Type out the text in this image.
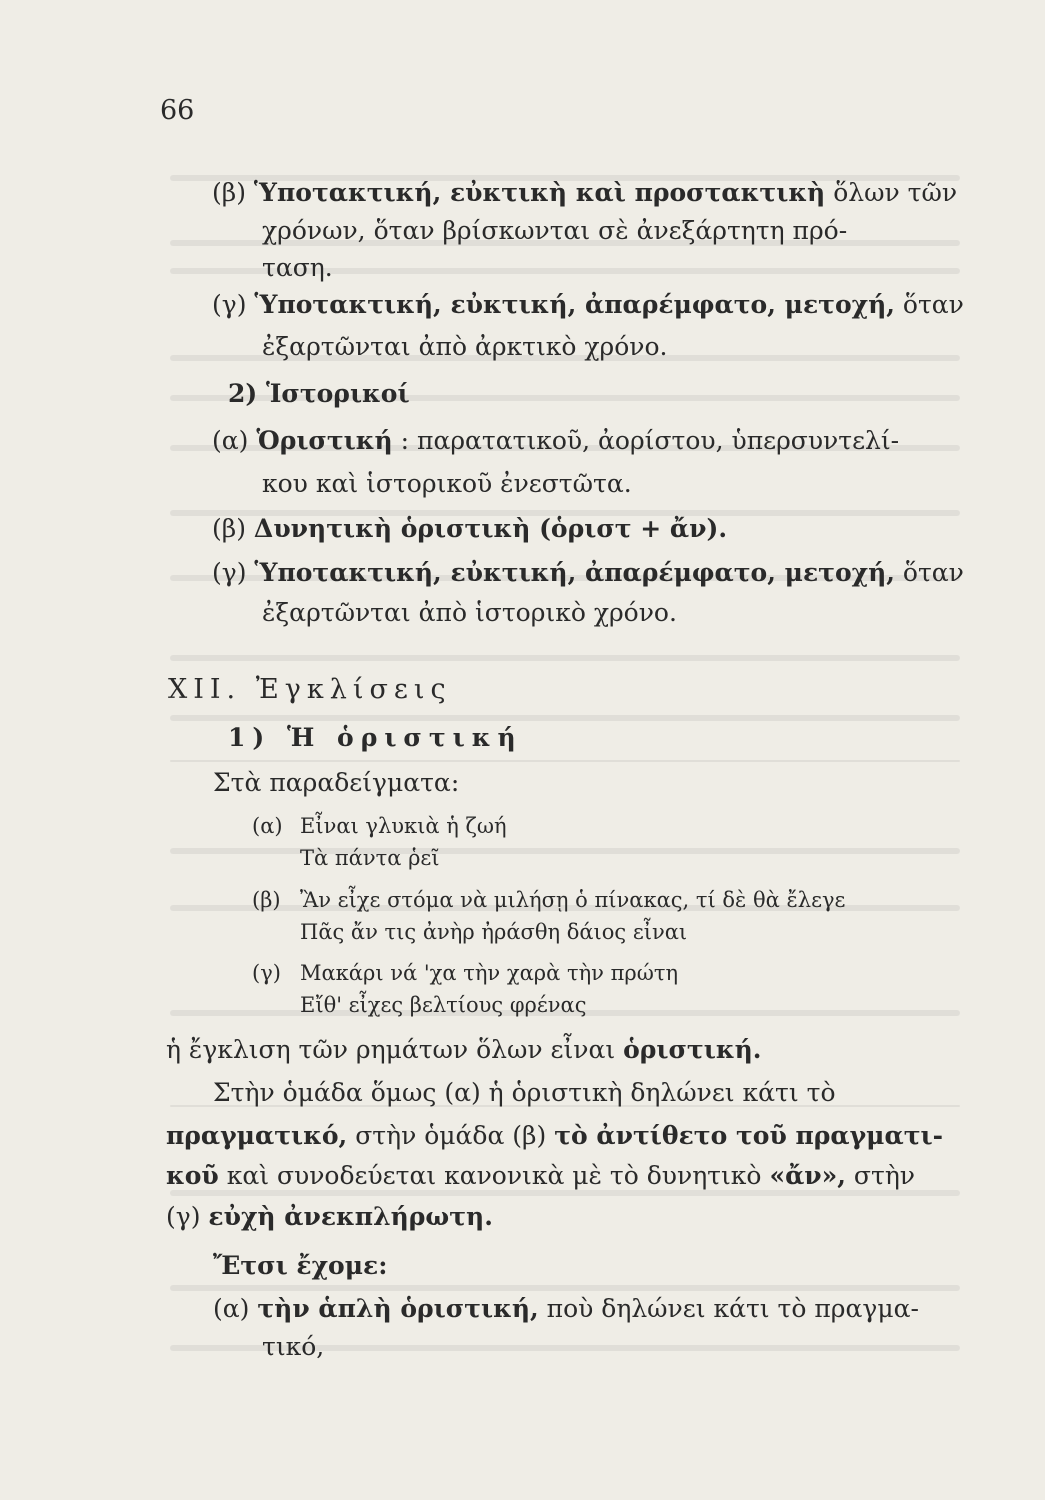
66
(β) Ὑποτακτική, εὐκτικὴ καὶ προστακτικὴ ὅλων τῶν
χρόνων, ὅταν βρίσκωνται σὲ ἀνεξάρτητη πρό-
ταση.
(γ) Ὑποτακτική, εὐκτική, ἀπαρέμφατο, μετοχή, ὅταν
ἐξαρτῶνται ἀπὸ ἀρκτικὸ χρόνο.
2) Ἱστορικοί
(α) Ὁριστική : παρατατικοῦ, ἀορίστου, ὑπερσυντελί-
κου καὶ ἱστορικοῦ ἐνεστῶτα.
(β) Δυνητικὴ ὁριστικὴ (ὁριστ + ἄν).
(γ) Ὑποτακτική, εὐκτική, ἀπαρέμφατο, μετοχή, ὅταν
ἐξαρτῶνται ἀπὸ ἱστορικὸ χρόνο.
XII. Ἐγκλίσεις
1) Ἡ ὁριστική
Στὰ παραδείγματα:
(α) Εἶναι γλυκιὰ ἡ ζωή
Τὰ πάντα ῥεῖ
(β) Ἂν εἶχε στόμα νὰ μιλήσῃ ὁ πίνακας, τί δὲ θὰ ἔλεγε
Πᾶς ἄν τις ἀνὴρ ἠράσθη δάιος εἶναι
(γ) Μακάρι νά 'χα τὴν χαρὰ τὴν πρώτη
Εἴθ' εἶχες βελτίους φρένας
ἡ ἔγκλιση τῶν ρημάτων ὅλων εἶναι ὁριστική.
Στὴν ὁμάδα ὅμως (α) ἡ ὁριστικὴ δηλώνει κάτι τὸ
πραγματικό, στὴν ὁμάδα (β) τὸ ἀντίθετο τοῦ πραγματι-
κοῦ καὶ συνοδεύεται κανονικὰ μὲ τὸ δυνητικὸ «ἄν», στὴν
(γ) εὐχὴ ἀνεκπλήρωτη.
Ἔτσι ἔχομε:
(α) τὴν ἁπλὴ ὁριστική, ποὺ δηλώνει κάτι τὸ πραγμα-
τικό,
